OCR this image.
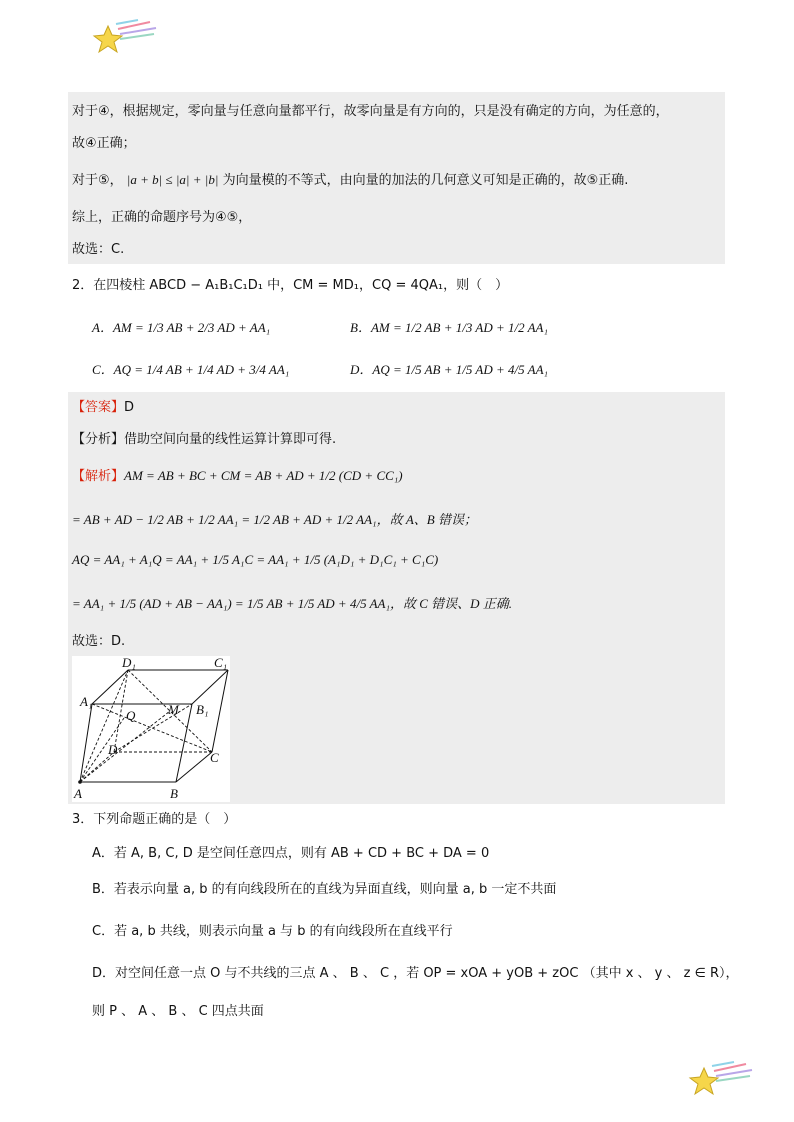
对于④，根据规定，零向量与任意向量都平行，故零向量是有方向的，只是没有确定的方向，为任意的，
故④正确；
对于⑤， |a + b| ≤ |a| + |b| 为向量模的不等式，由向量的加法的几何意义可知是正确的，故⑤正确.
综上，正确的命题序号为④⑤，
故选：C.
2．在四棱柱 ABCD − A₁B₁C₁D₁ 中，CM = MD₁，CQ = 4QA₁，则（　）
A．AM = 1/3 AB + 2/3 AD + AA₁	B．AM = 1/2 AB + 1/3 AD + 1/2 AA₁
C．AQ = 1/4 AB + 1/4 AD + 3/4 AA₁	D．AQ = 1/5 AB + 1/5 AD + 4/5 AA₁
【答案】D
【分析】借助空间向量的线性运算计算即可得.
【解析】AM = AB + BC + CM = AB + AD + 1/2 (CD + CC₁)
= AB + AD − 1/2 AB + 1/2 AA₁ = 1/2 AB + AD + 1/2 AA₁，故 A、B 错误；
AQ = AA₁ + A₁Q = AA₁ + 1/5 A₁C = AA₁ + 1/5 (A₁D₁ + D₁C₁ + C₁C)
= AA₁ + 1/5 (AD + AB − AA₁) = 1/5 AB + 1/5 AD + 4/5 AA₁，故 C 错误、D 正确.
故选：D.
D₁	C₁
A₁
B₁
Q	M
D
C
A	B
3．下列命题正确的是（　）
A．若 A, B, C, D 是空间任意四点，则有 AB + CD + BC + DA = 0
B．若表示向量 a, b 的有向线段所在的直线为异面直线，则向量 a, b 一定不共面
C．若 a, b 共线，则表示向量 a 与 b 的有向线段所在直线平行
D．对空间任意一点 O 与不共线的三点 A 、 B 、 C ，若 OP = xOA + yOB + zOC （其中 x 、 y 、 z ∈ R），
则 P 、 A 、 B 、 C 四点共面
